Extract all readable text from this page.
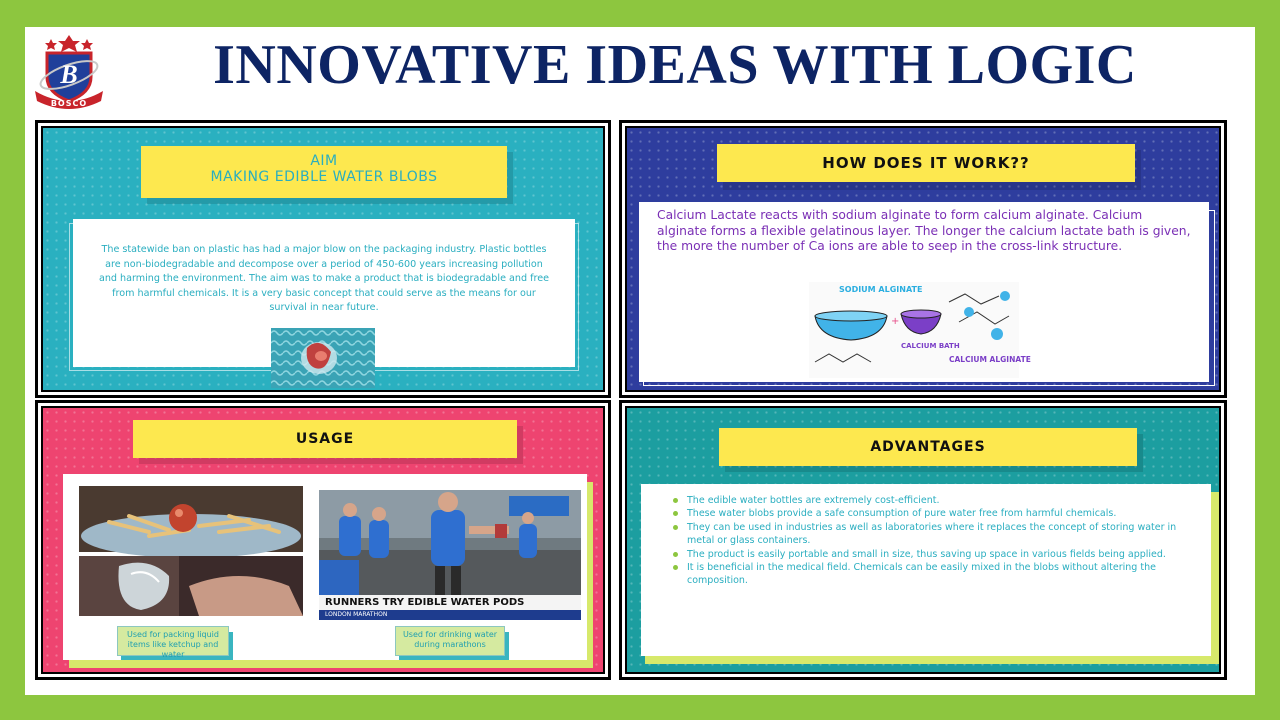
B
BOSCO
INNOVATIVE IDEAS WITH LOGIC
AIM
MAKING EDIBLE WATER BLOBS

The statewide ban on plastic has had a major blow on the packaging industry. Plastic bottles are non-biodegradable and decompose over a period of 450-600 years increasing pollution and harming the environment. The aim was to make a product that is biodegradable and free from harmful chemicals. It is a very basic concept that could serve as the means for our survival in near future.

HOW DOES IT WORK??

Calcium Lactate reacts with sodium alginate to form calcium alginate. Calcium alginate forms a flexible gelatinous layer. The longer the calcium lactate bath is given, the more the number of Ca ions are able to seep in the cross-link structure.

SODIUM ALGINATE
+
CALCIUM BATH
CALCIUM ALGINATE
USAGE
RUNNERS TRY EDIBLE WATER PODS
LONDON MARATHON
Used for packing liquid items like ketchup and water
Used for drinking water during marathons
ADVANTAGES
The edible water bottles are extremely cost-efficient.
These water blobs provide a safe consumption of pure water free from harmful chemicals.
They can be used in industries as well as laboratories where it replaces the concept of storing water in metal or glass containers.
The product is easily portable and small in size, thus saving up space in various fields being applied.
It is beneficial in the medical field. Chemicals can be easily mixed in the blobs without altering the composition.
